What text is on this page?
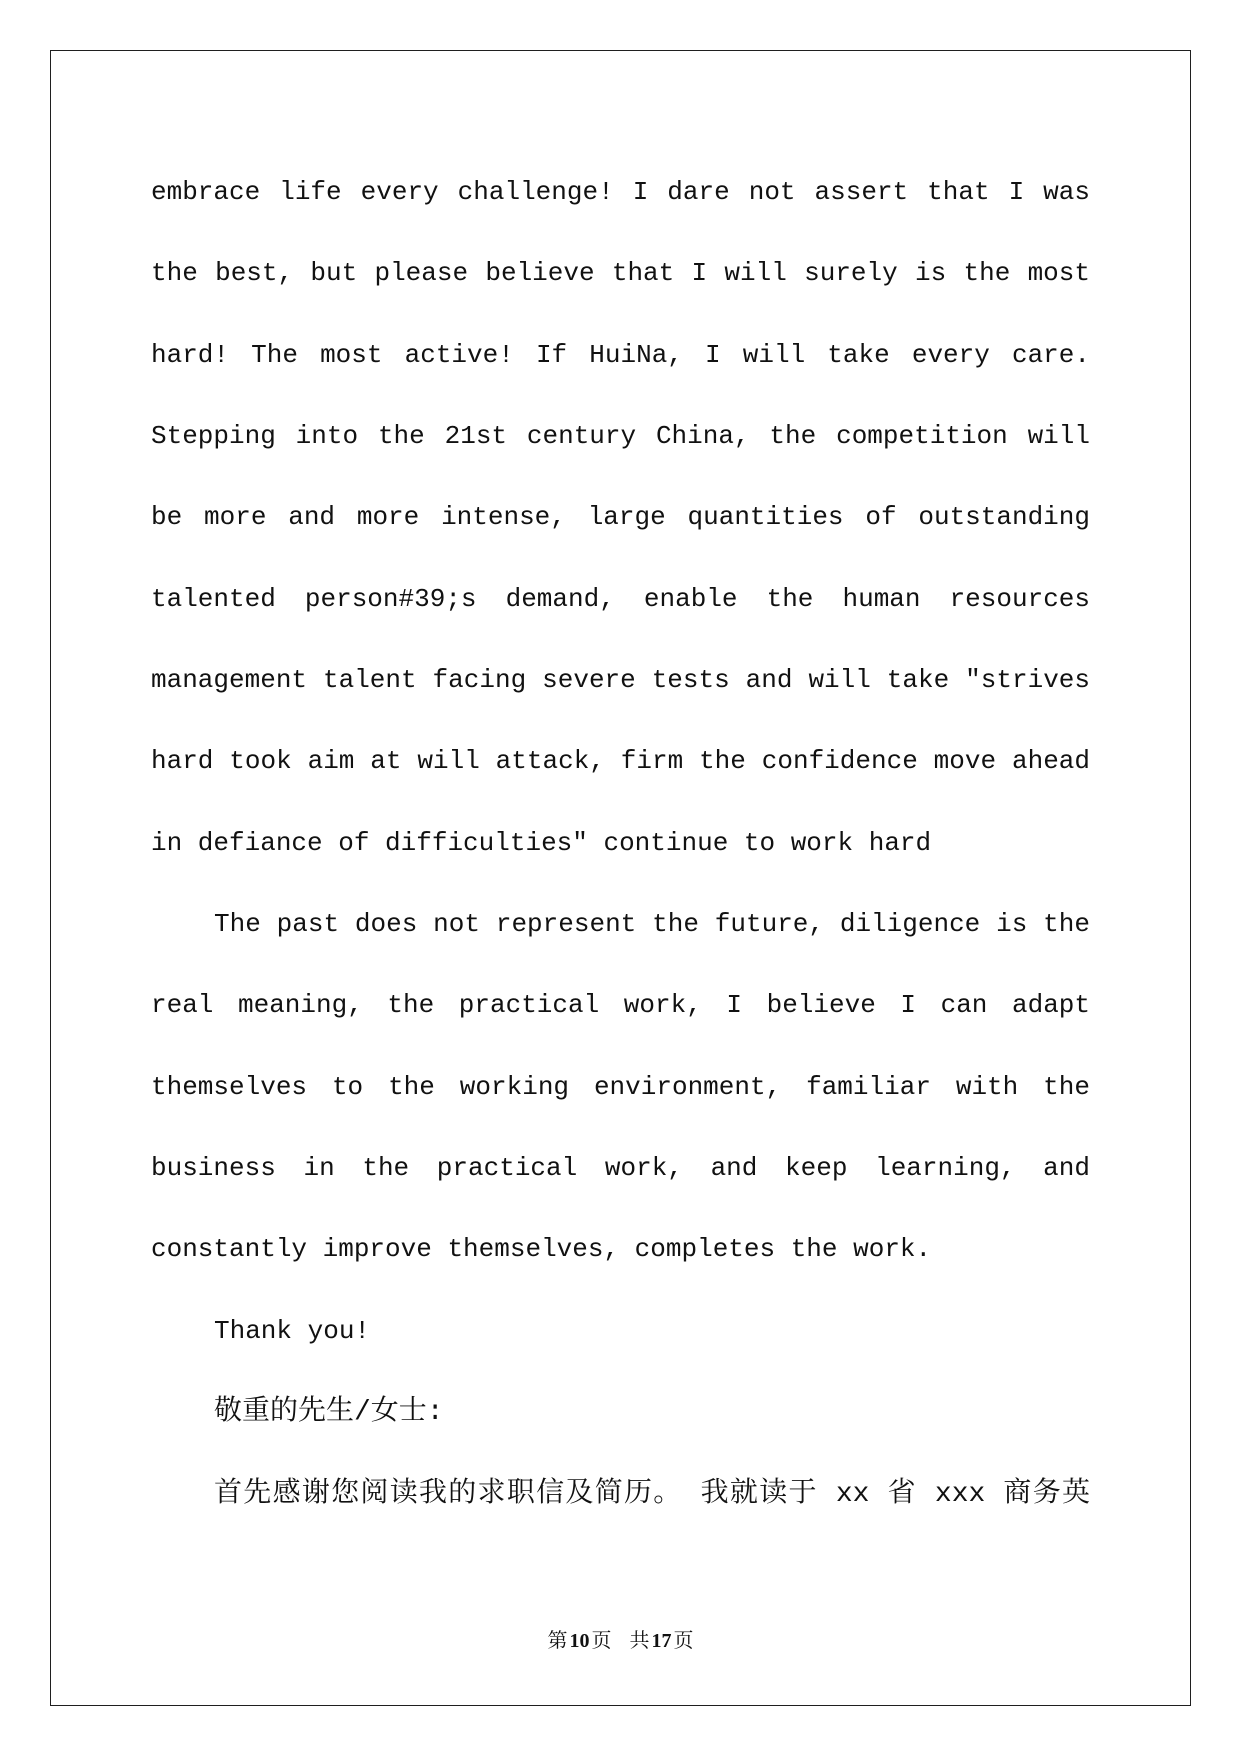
embrace life every challenge! I dare not assert that I was
the best, but please believe that I will surely is the most
hard! The most active! If HuiNa, I will take every care.
Stepping into the 21st century China, the competition will
be more and more intense, large quantities of outstanding
talented person#39;s demand, enable the human resources
management talent facing severe tests and will take "strives
hard took aim at will attack, firm the confidence move ahead
in defiance of difficulties" continue to work hard
The past does not represent the future, diligence is the
real meaning, the practical work, I believe I can adapt
themselves to the working environment, familiar with the
business in the practical work, and keep learning, and
constantly improve themselves, completes the work.
Thank you!
敬重的先生/女士:
首先感谢您阅读我的求职信及简历。 我就读于 xx 省 xxx 商务英
第 10 页 共 17 页
